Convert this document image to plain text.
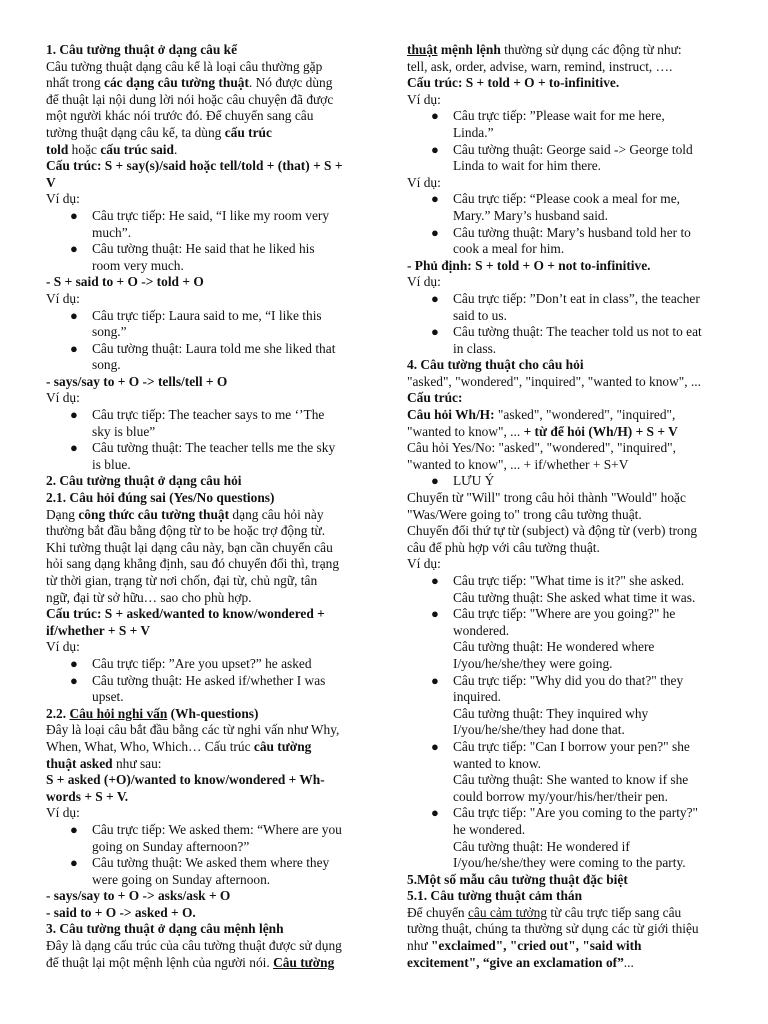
1. Câu tường thuật ở dạng câu kể
Câu tường thuật dạng câu kể là loại câu thường gặp
nhất trong các dạng câu tường thuật. Nó được dùng
để thuật lại nội dung lời nói hoặc câu chuyện đã được
một người khác nói trước đó. Để chuyển sang câu
tường thuật dạng câu kể, ta dùng cấu trúc
told hoặc cấu trúc said.
Cấu trúc: S + say(s)/said hoặc tell/told + (that) + S +
V
Ví dụ:
● Câu trực tiếp: He said, “I like my room very
much”.
● Câu tường thuật: He said that he liked his
room very much.
- S + said to + O -> told + O
Ví dụ:
● Câu trực tiếp: Laura said to me, “I like this
song.”
● Câu tường thuật: Laura told me she liked that
song.
- says/say to + O -> tells/tell + O
Ví dụ:
● Câu trực tiếp: The teacher says to me ‘’The
sky is blue”
● Câu tường thuật: The teacher tells me the sky
is blue.
2. Câu tường thuật ở dạng câu hỏi
2.1. Câu hỏi đúng sai (Yes/No questions)
Dạng công thức câu tường thuật dạng câu hỏi này
thường bắt đầu bằng động từ to be hoặc trợ động từ.
Khi tường thuật lại dạng câu này, bạn cần chuyển câu
hỏi sang dạng khẳng định, sau đó chuyển đổi thì, trạng
từ thời gian, trạng từ nơi chốn, đại từ, chủ ngữ, tân
ngữ, đại từ sở hữu… sao cho phù hợp.
Cấu trúc: S + asked/wanted to know/wondered +
if/whether + S + V
Ví dụ:
● Câu trực tiếp: ”Are you upset?” he asked
● Câu tường thuật: He asked if/whether I was
upset.
2.2. Câu hỏi nghi vấn (Wh-questions)
Đây là loại câu bắt đầu bằng các từ nghi vấn như Why,
When, What, Who, Which… Cấu trúc câu tường
thuật asked như sau:
S + asked (+O)/wanted to know/wondered + Wh-
words + S + V.
Ví dụ:
● Câu trực tiếp: We asked them: “Where are you
going on Sunday afternoon?”
● Câu tường thuật: We asked them where they
were going on Sunday afternoon.
- says/say to + O -> asks/ask + O
- said to + O -> asked + O.
3. Câu tường thuật ở dạng câu mệnh lệnh
Đây là dạng cấu trúc của câu tường thuật được sử dụng
để thuật lại một mệnh lệnh của người nói. Câu tường
thuật mệnh lệnh thường sử dụng các động từ như:
tell, ask, order, advise, warn, remind, instruct, ….
Cấu trúc: S + told + O + to-infinitive.
Ví dụ:
● Câu trực tiếp: ”Please wait for me here,
Linda.”
● Câu tường thuật: George said -> George told
Linda to wait for him there.
Ví dụ:
● Câu trực tiếp: “Please cook a meal for me,
Mary.” Mary’s husband said.
● Câu tường thuật: Mary’s husband told her to
cook a meal for him.
- Phủ định: S + told + O + not to-infinitive.
Ví dụ:
● Câu trực tiếp: ”Don’t eat in class”, the teacher
said to us.
● Câu tường thuật: The teacher told us not to eat
in class.
4. Câu tường thuật cho câu hỏi
"asked", "wondered", "inquired", "wanted to know", ...
Cấu trúc:
Câu hỏi Wh/H: "asked", "wondered", "inquired",
"wanted to know", ... + từ để hỏi (Wh/H) + S + V
Câu hỏi Yes/No: "asked", "wondered", "inquired",
"wanted to know", ... + if/whether + S+V
● LƯU Ý
Chuyển từ "Will" trong câu hỏi thành "Would" hoặc
"Was/Were going to" trong câu tường thuật.
Chuyển đổi thứ tự từ (subject) và động từ (verb) trong
câu để phù hợp với câu tường thuật.
Ví dụ:
● Câu trực tiếp: "What time is it?" she asked.
Câu tường thuật: She asked what time it was.
● Câu trực tiếp: "Where are you going?" he
wondered.
Câu tường thuật: He wondered where
I/you/he/she/they were going.
● Câu trực tiếp: "Why did you do that?" they
inquired.
Câu tường thuật: They inquired why
I/you/he/she/they had done that.
● Câu trực tiếp: "Can I borrow your pen?" she
wanted to know.
Câu tường thuật: She wanted to know if she
could borrow my/your/his/her/their pen.
● Câu trực tiếp: "Are you coming to the party?"
he wondered.
Câu tường thuật: He wondered if
I/you/he/she/they were coming to the party.
5.Một số mẫu câu tường thuật đặc biệt
5.1. Câu tường thuật cảm thán
Để chuyển câu cảm tưởng từ câu trực tiếp sang câu
tường thuật, chúng ta thường sử dụng các từ giới thiệu
như "exclaimed", "cried out", "said with
excitement", “give an exclamation of”...
